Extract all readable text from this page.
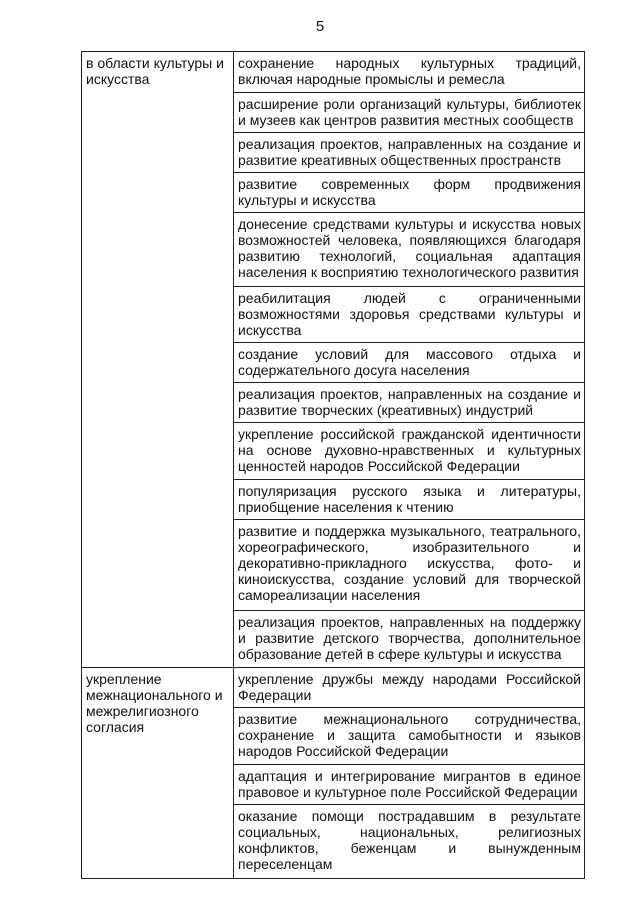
5
в области культуры и искусства	сохранение народных культурных традиций, включая народные промыслы и ремесла
	расширение роли организаций культуры, библиотек и музеев как центров развития местных сообществ
	реализация проектов, направленных на создание и развитие креативных общественных пространств
	развитие современных форм продвижения культуры и искусства
	донесение средствами культуры и искусства новых возможностей человека, появляющихся благодаря развитию технологий, социальная адаптация населения к восприятию технологического развития
	реабилитация людей с ограниченными возможностями здоровья средствами культуры и искусства
	создание условий для массового отдыха и содержательного досуга населения
	реализация проектов, направленных на создание и развитие творческих (креативных) индустрий
	укрепление российской гражданской идентичности на основе духовно-нравственных и культурных ценностей народов Российской Федерации
	популяризация русского языка и литературы, приобщение населения к чтению
	развитие и поддержка музыкального, театрального, хореографического, изобразительного и декоративно-прикладного искусства, фото- и киноискусства, создание условий для творческой самореализации населения
	реализация проектов, направленных на поддержку и развитие детского творчества, дополнительное образование детей в сфере культуры и искусства
укрепление межнационального и межрелигиозного согласия	укрепление дружбы между народами Российской Федерации
	развитие межнационального сотрудничества, сохранение и защита самобытности и языков народов Российской Федерации
	адаптация и интегрирование мигрантов в единое правовое и культурное поле Российской Федерации
	оказание помощи пострадавшим в результате социальных, национальных, религиозных конфликтов, беженцам и вынужденным переселенцам
